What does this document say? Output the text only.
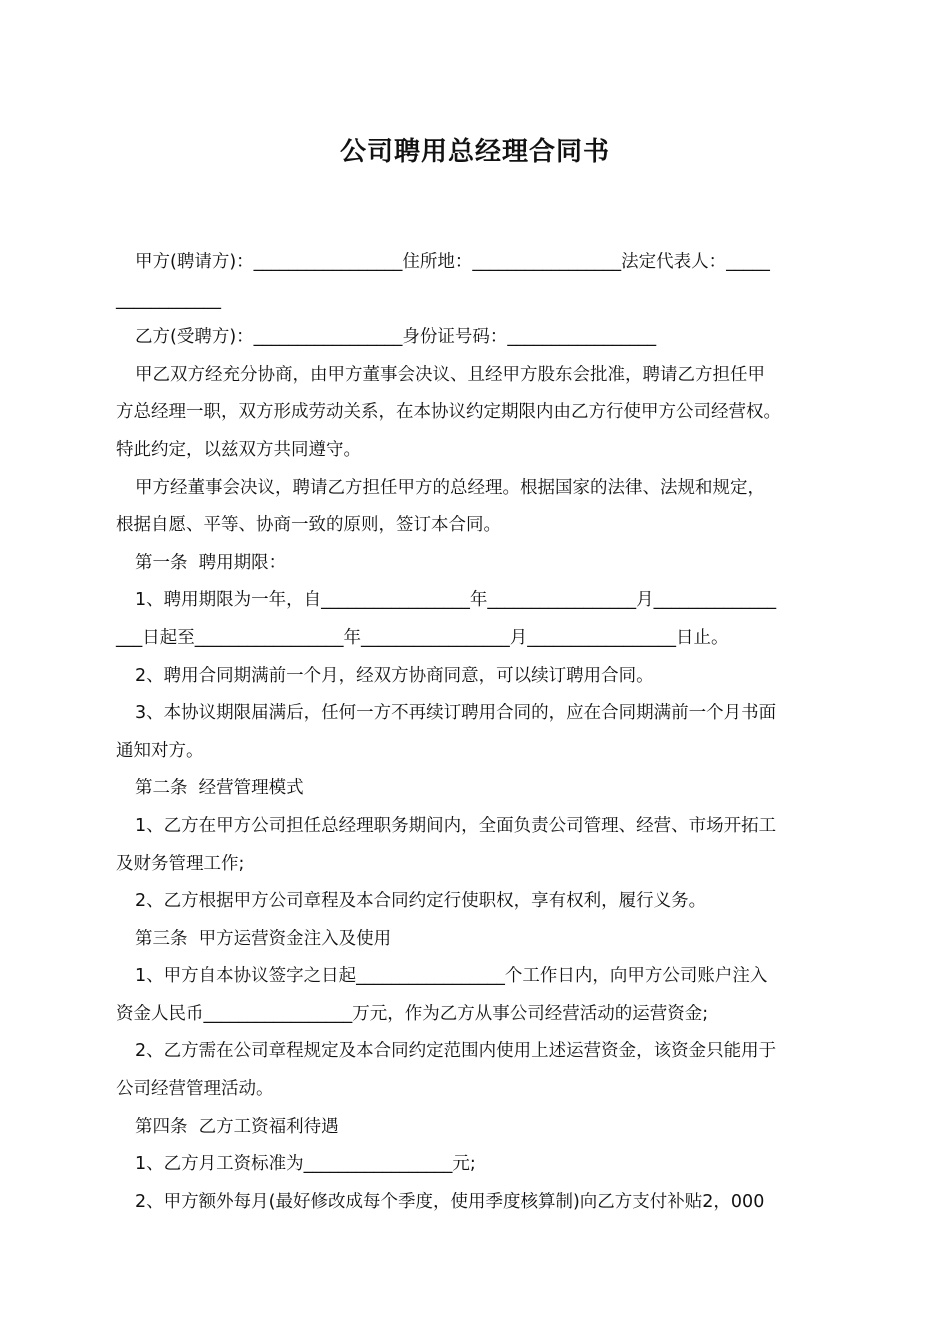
公司聘用总经理合同书
甲方(聘请方)：_________________住所地：_________________法定代表人：_____
____________
乙方(受聘方)：_________________身份证号码：_________________
甲乙双方经充分协商，由甲方董事会决议、且经甲方股东会批准，聘请乙方担任甲
方总经理一职，双方形成劳动关系，在本协议约定期限内由乙方行使甲方公司经营权。
特此约定，以兹双方共同遵守。
甲方经董事会决议，聘请乙方担任甲方的总经理。根据国家的法律、法规和规定，
根据自愿、平等、协商一致的原则，签订本合同。
第一条  聘用期限：
1、聘用期限为一年，自_________________年_________________月______________
___日起至_________________年_________________月_________________日止。
2、聘用合同期满前一个月，经双方协商同意，可以续订聘用合同。
3、本协议期限届满后，任何一方不再续订聘用合同的，应在合同期满前一个月书面
通知对方。
第二条  经营管理模式
1、乙方在甲方公司担任总经理职务期间内，全面负责公司管理、经营、市场开拓工
及财务管理工作;
2、乙方根据甲方公司章程及本合同约定行使职权，享有权利，履行义务。
第三条  甲方运营资金注入及使用
1、甲方自本协议签字之日起_________________个工作日内，向甲方公司账户注入
资金人民币_________________万元，作为乙方从事公司经营活动的运营资金;
2、乙方需在公司章程规定及本合同约定范围内使用上述运营资金，该资金只能用于
公司经营管理活动。
第四条  乙方工资福利待遇
1、乙方月工资标准为_________________元;
2、甲方额外每月(最好修改成每个季度，使用季度核算制)向乙方支付补贴2，000
